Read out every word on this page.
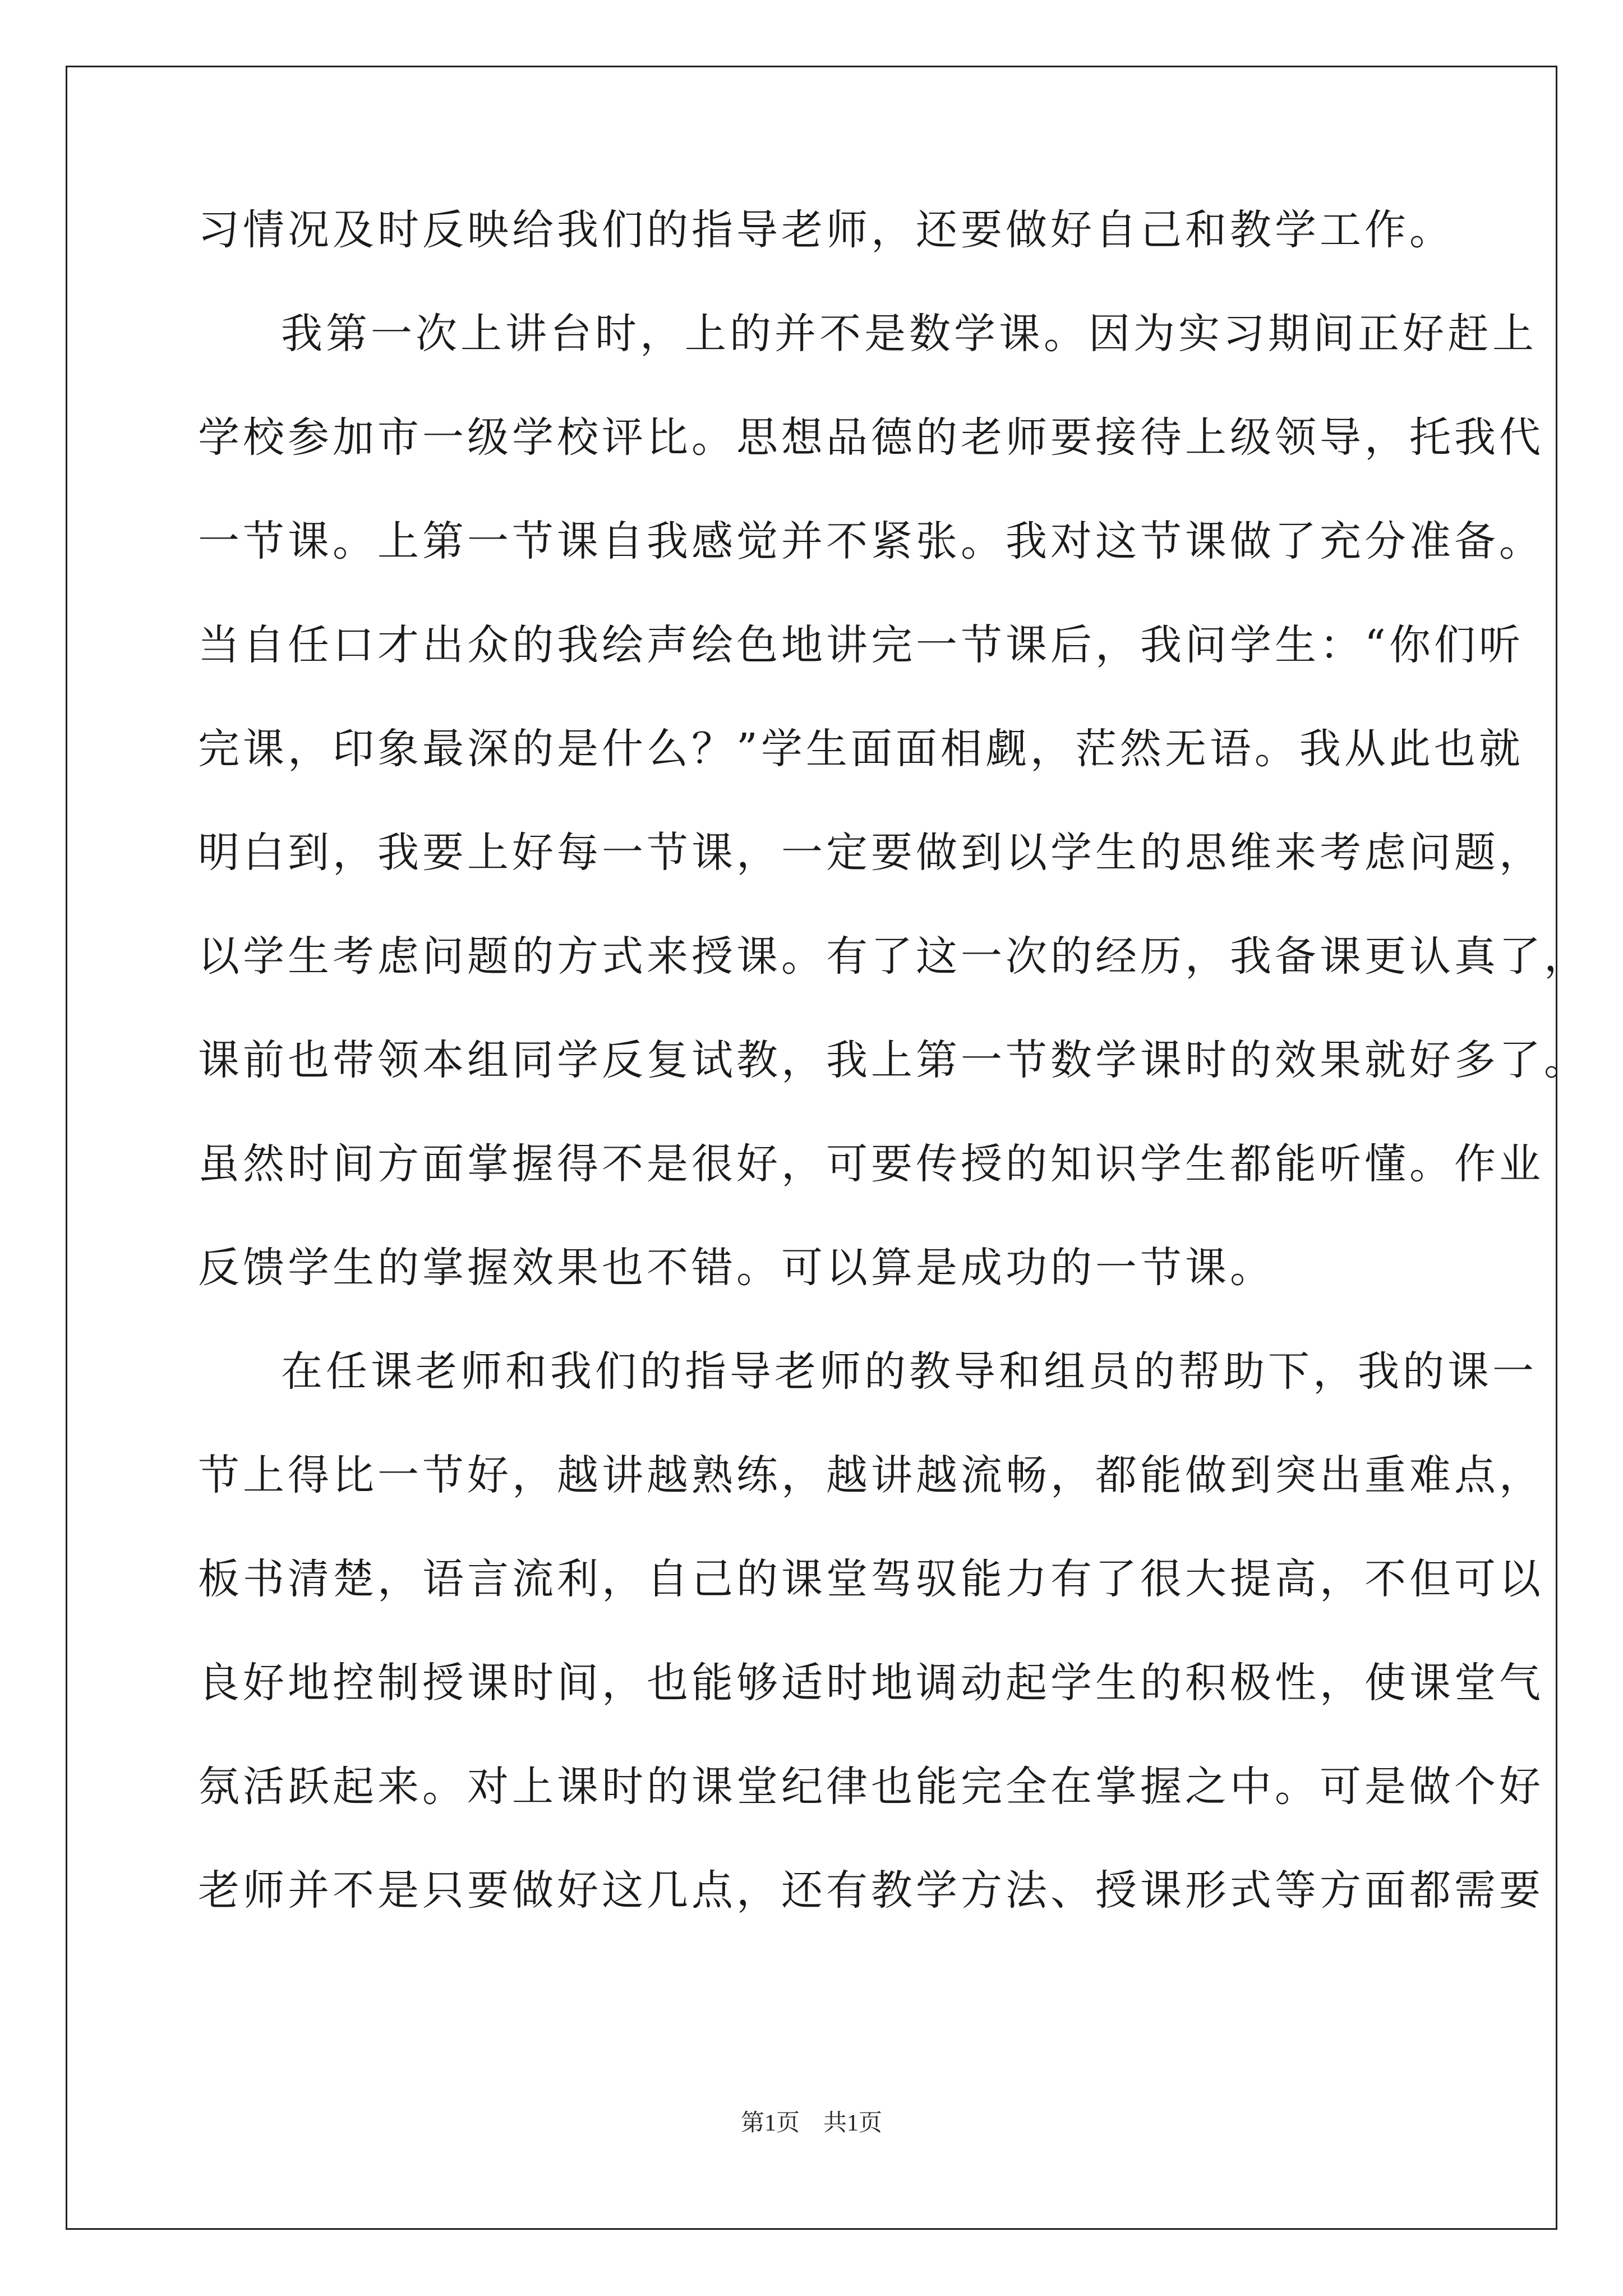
习情况及时反映给我们的指导老师，还要做好自己和教学工作。
我第一次上讲台时，上的并不是数学课。因为实习期间正好赶上
学校参加市一级学校评比。思想品德的老师要接待上级领导，托我代
一节课。上第一节课自我感觉并不紧张。我对这节课做了充分准备。
当自任口才出众的我绘声绘色地讲完一节课后，我问学生：“你们听
完课，印象最深的是什么？”学生面面相觑，茫然无语。我从此也就
明白到，我要上好每一节课，一定要做到以学生的思维来考虑问题，
以学生考虑问题的方式来授课。有了这一次的经历，我备课更认真了，
课前也带领本组同学反复试教，我上第一节数学课时的效果就好多了。
虽然时间方面掌握得不是很好，可要传授的知识学生都能听懂。作业
反馈学生的掌握效果也不错。可以算是成功的一节课。
在任课老师和我们的指导老师的教导和组员的帮助下，我的课一
节上得比一节好，越讲越熟练，越讲越流畅，都能做到突出重难点，
板书清楚，语言流利，自己的课堂驾驭能力有了很大提高，不但可以
良好地控制授课时间，也能够适时地调动起学生的积极性，使课堂气
氛活跃起来。对上课时的课堂纪律也能完全在掌握之中。可是做个好
老师并不是只要做好这几点，还有教学方法、授课形式等方面都需要
第1页　共1页
